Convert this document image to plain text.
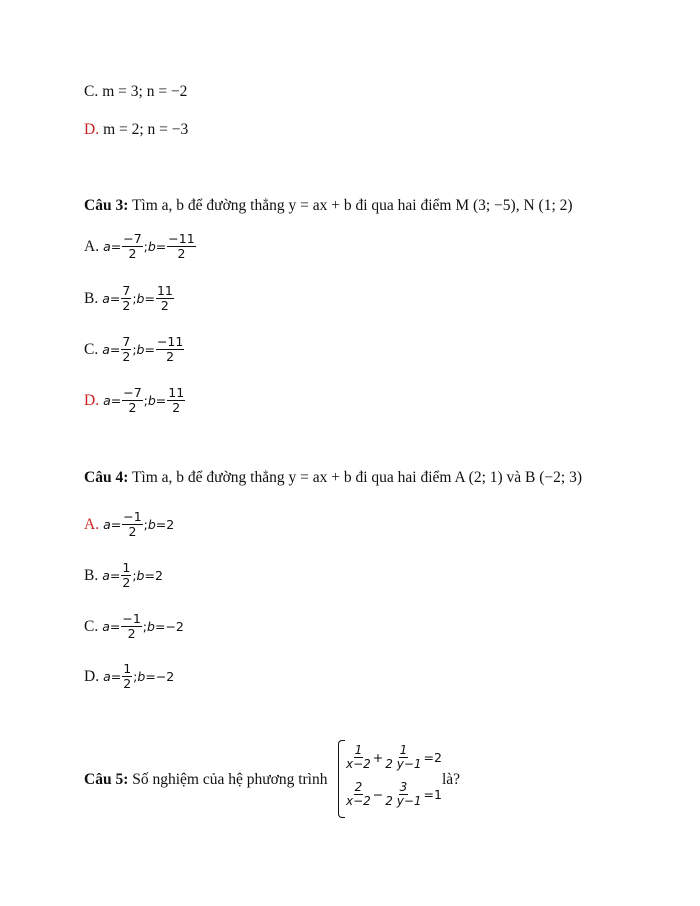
C. m = 3; n = −2
D. m = 2; n = −3
Câu 3: Tìm a, b để đường thẳng y = ax + b đi qua hai điểm M (3; −5), N (1; 2)
A. $a= \frac{-7}{2}$ ; $b= \frac{-11}{2}$
B. $a= \frac{7}{2}$ ; $b= \frac{11}{2}$
C. $a= \frac{7}{2}$ ; $b= \frac{-11}{2}$
D. $a= \frac{-7}{2}$ ; $b= \frac{11}{2}$
Câu 4: Tìm a, b để đường thẳng y = ax + b đi qua hai điểm A (2; 1) và B (−2; 3)
A. $a= \frac{-1}{2}$ ; b= 2
B. $a= \frac{1}{2}$ ; b= 2
C. $a= \frac{-1}{2}$ ; b= −2
D. $a= \frac{1}{2}$ ; b= −2
Câu 5: Số nghiệm của hệ phương trình
$\frac{1}{x-2} + \frac{1}{2 y-1} =2$
$\frac{2}{x-2} - \frac{3}{2 y-1} =1$
là?
